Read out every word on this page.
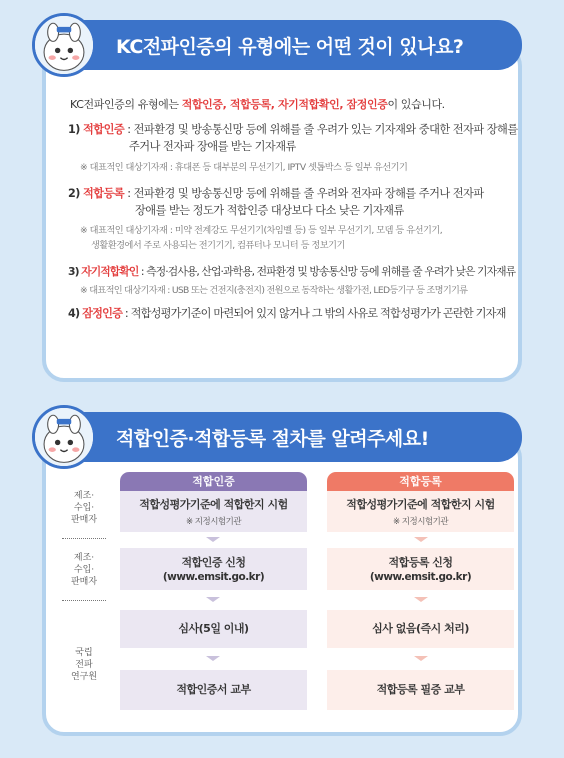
KC전파인증의 유형에는 어떤 것이 있나요?
KC전파인증의 유형에는 적합인증, 적합등록, 자기적합확인, 잠정인증이 있습니다.
1) 적합인증 : 전파환경 및 방송통신망 등에 위해를 줄 우려가 있는 기자재와 중대한 전자파 장해를
주거나 전자파 장애를 받는 기자재류
※ 대표적인 대상기자재 : 휴대폰 등 대부분의 무선기기, IPTV 셋톱박스 등 일부 유선기기
2) 적합등록 : 전파환경 및 방송통신망 등에 위해를 줄 우려와 전자파 장해를 주거나 전자파
장애를 받는 정도가 적합인증 대상보다 다소 낮은 기자재류
※ 대표적인 대상기자재 : 미약 전계강도 무선기기(차임벨 등) 등 일부 무선기기, 모뎀 등 유선기기,
생활환경에서 주로 사용되는 전기기기, 컴퓨터나 모니터 등 정보기기
3) 자기적합확인 : 측정·검사용, 산업·과학용, 전파환경 및 방송통신망 등에 위해를 줄 우려가 낮은 기자재류
※ 대표적인 대상기자재 : USB 또는 건전지(충전지) 전원으로 동작하는 생활가전, LED등기구 등 조명기기류
4) 잠정인증 : 적합성평가기준이 마련되어 있지 않거나 그 밖의 사유로 적합성평가가 곤란한 기자재
적합인증·적합등록 절차를 알려주세요!
제조·
수입·
판매자
제조·
수입·
판매자
국립
전파
연구원
적합인증
적합성평가기준에 적합한지 시험
※ 지정시험기관
적합인증 신청
(www.emsit.go.kr)
심사(5일 이내)
적합인증서 교부
적합등록
적합성평가기준에 적합한지 시험
※ 지정시험기관
적합등록 신청
(www.emsit.go.kr)
심사 없음(즉시 처리)
적합등록 필증 교부
